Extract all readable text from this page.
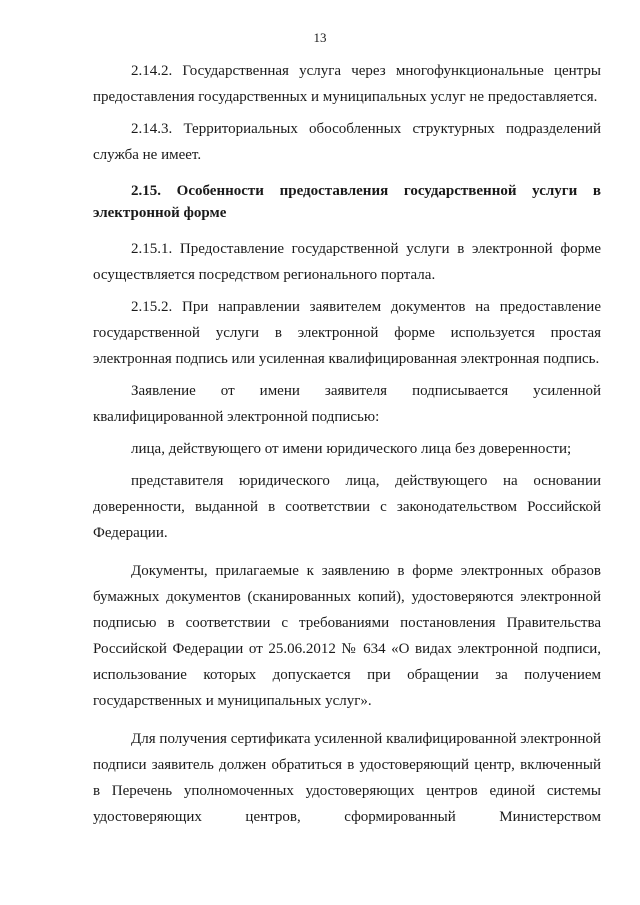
13

2.14.2. Государственная услуга через многофункциональные центры предоставления государственных и муниципальных услуг не предоставляется.

2.14.3. Территориальных обособленных структурных подразделений служба не имеет.

2.15. Особенности предоставления государственной услуги в электронной форме

2.15.1. Предоставление государственной услуги в электронной форме осуществляется посредством регионального портала.

2.15.2. При направлении заявителем документов на предоставление государственной услуги в электронной форме используется простая электронная подпись или усиленная квалифицированная электронная подпись.

Заявление от имени заявителя подписывается усиленной квалифицированной электронной подписью:

лица, действующего от имени юридического лица без доверенности;

представителя юридического лица, действующего на основании доверенности, выданной в соответствии с законодательством Российской Федерации.

Документы, прилагаемые к заявлению в форме электронных образов бумажных документов (сканированных копий), удостоверяются электронной подписью в соответствии с требованиями постановления Правительства Российской Федерации от 25.06.2012 № 634 «О видах электронной подписи, использование которых допускается при обращении за получением государственных и муниципальных услуг».

Для получения сертификата усиленной квалифицированной электронной подписи заявитель должен обратиться в удостоверяющий центр, включенный в Перечень уполномоченных удостоверяющих центров единой системы удостоверяющих центров, сформированный Министерством
